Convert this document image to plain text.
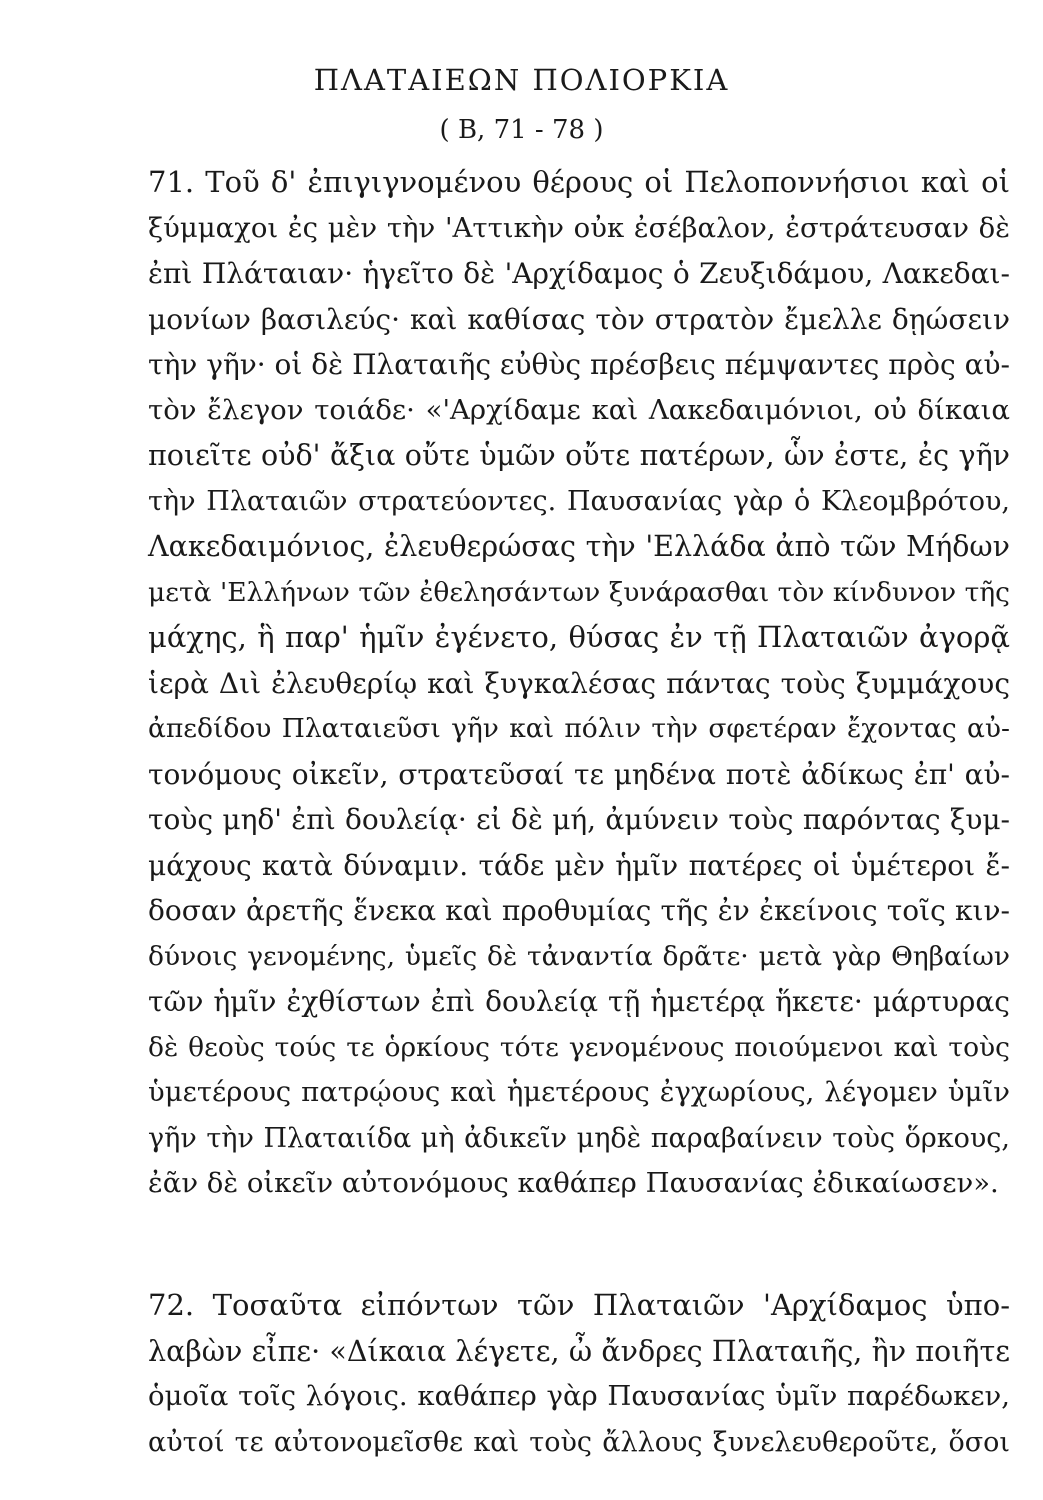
ΠΛΑΤΑΙΕΩΝ ΠΟΛΙΟΡΚΙΑ
( Β, 71 - 78 )
71. Τοῦ δ' ἐπιγιγνομένου θέρους οἱ Πελοποννήσιοι καὶ οἱ
ξύμμαχοι ἐς μὲν τὴν 'Αττικὴν οὐκ ἐσέβαλον, ἐστράτευσαν δὲ
ἐπὶ Πλάταιαν· ἡγεῖτο δὲ 'Αρχίδαμος ὁ Ζευξιδάμου, Λακεδαι-
μονίων βασιλεύς· καὶ καθίσας τὸν στρατὸν ἔμελλε δῃώσειν
τὴν γῆν· οἱ δὲ Πλαταιῆς εὐθὺς πρέσβεις πέμψαντες πρὸς αὐ-
τὸν ἔλεγον τοιάδε· «'Αρχίδαμε καὶ Λακεδαιμόνιοι, οὐ δίκαια
ποιεῖτε οὐδ' ἄξια οὔτε ὑμῶν οὔτε πατέρων, ὧν ἐστε, ἐς γῆν
τὴν Πλαταιῶν στρατεύοντες. Παυσανίας γὰρ ὁ Κλεομβρότου,
Λακεδαιμόνιος, ἐλευθερώσας τὴν 'Ελλάδα ἀπὸ τῶν Μήδων
μετὰ 'Ελλήνων τῶν ἐθελησάντων ξυνάρασθαι τὸν κίνδυνον τῆς
μάχης, ἣ παρ' ἡμῖν ἐγένετο, θύσας ἐν τῇ Πλαταιῶν ἀγορᾷ
ἱερὰ Διὶ ἐλευθερίῳ καὶ ξυγκαλέσας πάντας τοὺς ξυμμάχους
ἀπεδίδου Πλαταιεῦσι γῆν καὶ πόλιν τὴν σφετέραν ἔχοντας αὐ-
τονόμους οἰκεῖν, στρατεῦσαί τε μηδένα ποτὲ ἀδίκως ἐπ' αὐ-
τοὺς μηδ' ἐπὶ δουλείᾳ· εἰ δὲ μή, ἀμύνειν τοὺς παρόντας ξυμ-
μάχους κατὰ δύναμιν. τάδε μὲν ἡμῖν πατέρες οἱ ὑμέτεροι ἔ-
δοσαν ἀρετῆς ἕνεκα καὶ προθυμίας τῆς ἐν ἐκείνοις τοῖς κιν-
δύνοις γενομένης, ὑμεῖς δὲ τἀναντία δρᾶτε· μετὰ γὰρ Θηβαίων
τῶν ἡμῖν ἐχθίστων ἐπὶ δουλείᾳ τῇ ἡμετέρᾳ ἥκετε· μάρτυρας
δὲ θεοὺς τούς τε ὁρκίους τότε γενομένους ποιούμενοι καὶ τοὺς
ὑμετέρους πατρῴους καὶ ἡμετέρους ἐγχωρίους, λέγομεν ὑμῖν
γῆν τὴν Πλαταιίδα μὴ ἀδικεῖν μηδὲ παραβαίνειν τοὺς ὅρκους,
ἐᾶν δὲ οἰκεῖν αὐτονόμους καθάπερ Παυσανίας ἐδικαίωσεν».
72. Τοσαῦτα εἰπόντων τῶν Πλαταιῶν 'Αρχίδαμος ὑπο-
λαβὼν εἶπε· «Δίκαια λέγετε, ὦ ἄνδρες Πλαταιῆς, ἢν ποιῆτε
ὁμοῖα τοῖς λόγοις. καθάπερ γὰρ Παυσανίας ὑμῖν παρέδωκεν,
αὐτοί τε αὐτονομεῖσθε καὶ τοὺς ἄλλους ξυνελευθεροῦτε, ὅσοι
